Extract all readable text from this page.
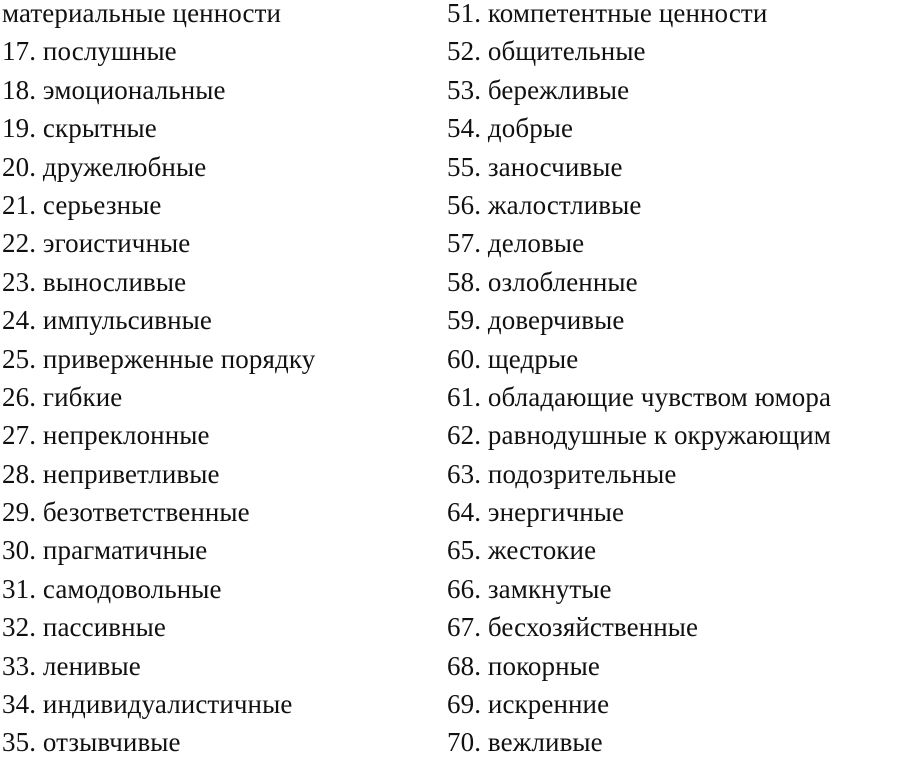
материальные ценности
17. послушные
18. эмоциональные
19. скрытные
20. дружелюбные
21. серьезные
22. эгоистичные
23. выносливые
24. импульсивные
25. приверженные порядку
26. гибкие
27. непреклонные
28. неприветливые
29. безответственные
30. прагматичные
31. самодовольные
32. пассивные
33. ленивые
34. индивидуалистичные
35. отзывчивые
51. компетентные ценности
52. общительные
53. бережливые
54. добрые
55. заносчивые
56. жалостливые
57. деловые
58. озлобленные
59. доверчивые
60. щедрые
61. обладающие чувством юмора
62. равнодушные к окружающим
63. подозрительные
64. энергичные
65. жестокие
66. замкнутые
67. бесхозяйственные
68. покорные
69. искренние
70. вежливые
